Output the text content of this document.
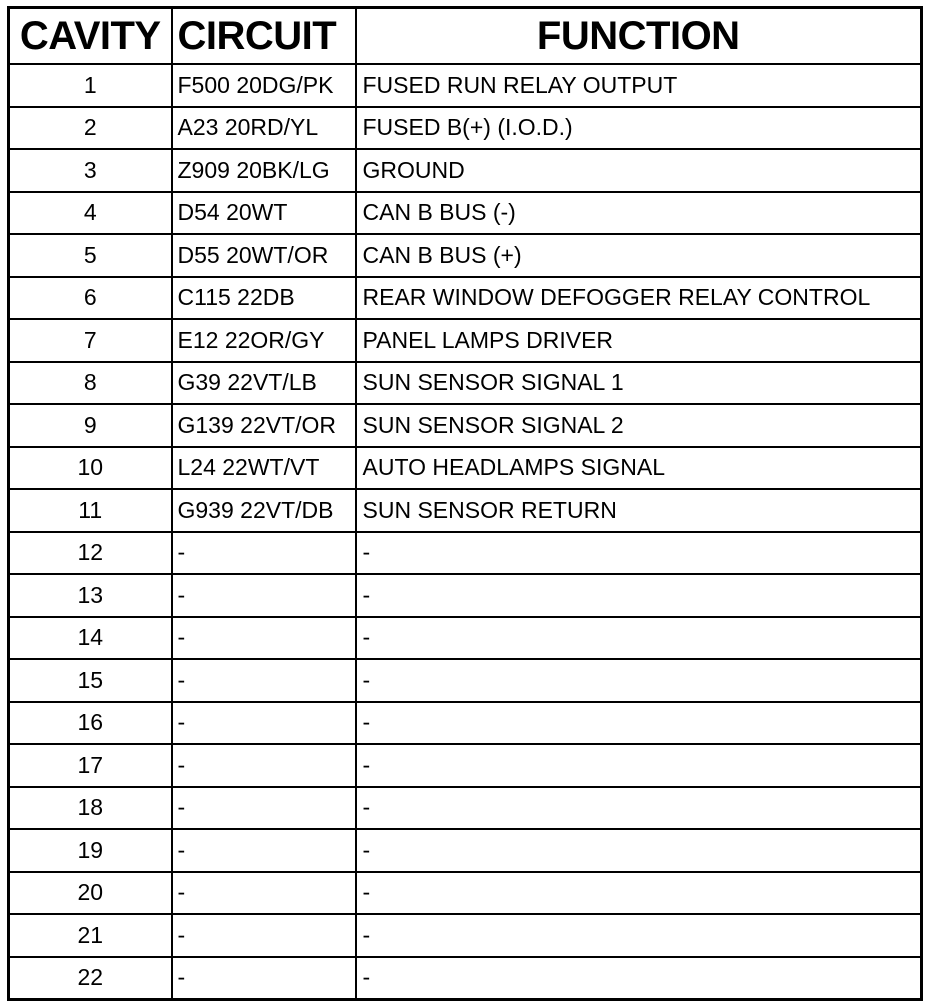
CAVITY	CIRCUIT	FUNCTION
1	F500 20DG/PK	FUSED RUN RELAY OUTPUT
2	A23 20RD/YL	FUSED B(+) (I.O.D.)
3	Z909 20BK/LG	GROUND
4	D54 20WT	CAN B BUS (-)
5	D55 20WT/OR	CAN B BUS (+)
6	C115 22DB	REAR WINDOW DEFOGGER RELAY CONTROL
7	E12 22OR/GY	PANEL LAMPS DRIVER
8	G39 22VT/LB	SUN SENSOR SIGNAL 1
9	G139 22VT/OR	SUN SENSOR SIGNAL 2
10	L24 22WT/VT	AUTO HEADLAMPS SIGNAL
11	G939 22VT/DB	SUN SENSOR RETURN
12	-	-
13	-	-
14	-	-
15	-	-
16	-	-
17	-	-
18	-	-
19	-	-
20	-	-
21	-	-
22	-	-
